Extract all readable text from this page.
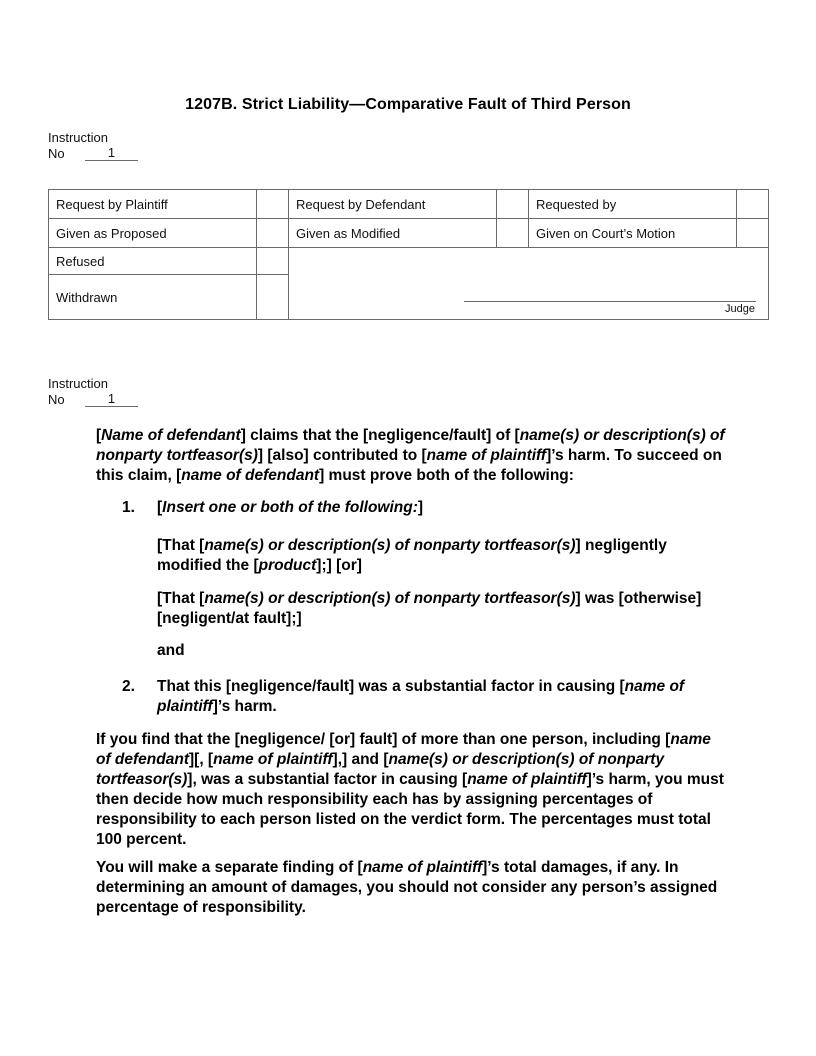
1207B. Strict Liability—Comparative Fault of Third Person
Instruction
No	1
Request by Plaintiff		Request by Defendant		Requested by	
Given as Proposed		Given as Modified		Given on Court’s Motion	
Refused		Judge			

Withdrawn					
Instruction
No	1
[Name of defendant] claims that the [negligence/fault] of [name(s) or description(s) of nonparty tortfeasor(s)] [also] contributed to [name of plaintiff]’s harm. To succeed on this claim, [name of defendant] must prove both of the following:
1. [Insert one or both of the following:]
[That [name(s) or description(s) of nonparty tortfeasor(s)] negligently modified the [product];] [or]
[That [name(s) or description(s) of nonparty tortfeasor(s)] was [otherwise] [negligent/at fault];]
and
2. That this [negligence/fault] was a substantial factor in causing [name of plaintiff]’s harm.
If you find that the [negligence/ [or] fault] of more than one person, including [name of defendant][, [name of plaintiff],] and [name(s) or description(s) of nonparty tortfeasor(s)], was a substantial factor in causing [name of plaintiff]’s harm, you must then decide how much responsibility each has by assigning percentages of responsibility to each person listed on the verdict form. The percentages must total 100 percent.
You will make a separate finding of [name of plaintiff]’s total damages, if any. In determining an amount of damages, you should not consider any person’s assigned percentage of responsibility.
